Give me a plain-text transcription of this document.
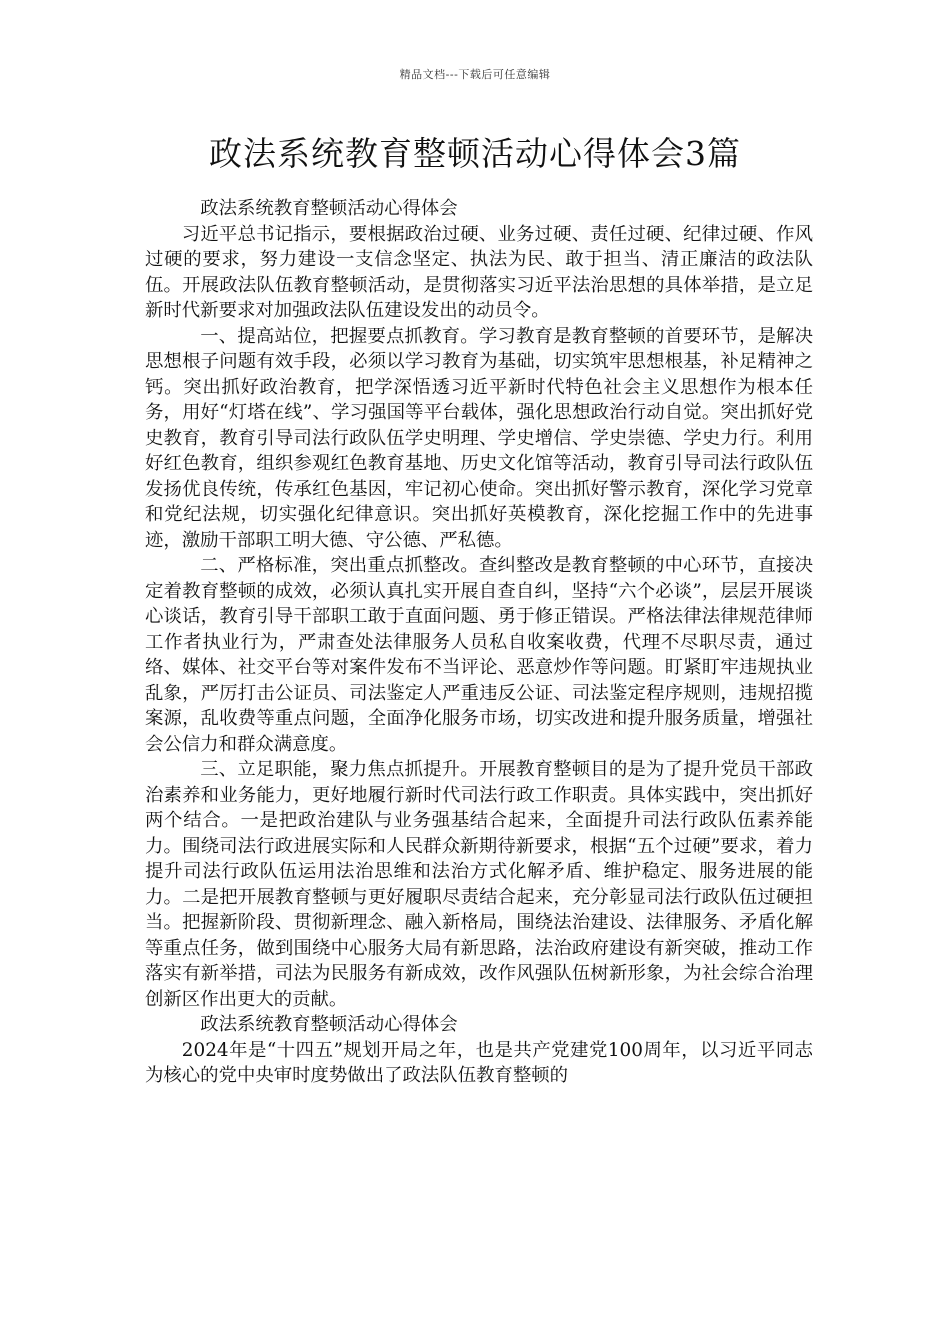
精品文档---下载后可任意编辑
政法系统教育整顿活动心得体会3篇

政法系统教育整顿活动心得体会

习近平总书记指示，要根据政治过硬、业务过硬、责任过硬、纪律过硬、作风过硬的要求，努力建设一支信念坚定、执法为民、敢于担当、清正廉洁的政法队伍。开展政法队伍教育整顿活动，是贯彻落实习近平法治思想的具体举措，是立足新时代新要求对加强政法队伍建设发出的动员令。

一、提高站位，把握要点抓教育。学习教育是教育整顿的首要环节，是解决思想根子问题有效手段，必须以学习教育为基础，切实筑牢思想根基，补足精神之钙。突出抓好政治教育，把学深悟透习近平新时代特色社会主义思想作为根本任务，用好“灯塔在线”、学习强国等平台载体，强化思想政治行动自觉。突出抓好党史教育，教育引导司法行政队伍学史明理、学史增信、学史崇德、学史力行。利用好红色教育，组织参观红色教育基地、历史文化馆等活动，教育引导司法行政队伍发扬优良传统，传承红色基因，牢记初心使命。突出抓好警示教育，深化学习党章和党纪法规，切实强化纪律意识。突出抓好英模教育，深化挖掘工作中的先进事迹，激励干部职工明大德、守公德、严私德。

二、严格标准，突出重点抓整改。查纠整改是教育整顿的中心环节，直接决定着教育整顿的成效，必须认真扎实开展自查自纠，坚持“六个必谈”，层层开展谈心谈话，教育引导干部职工敢于直面问题、勇于修正错误。严格法律法律规范律师工作者执业行为，严肃查处法律服务人员私自收案收费，代理不尽职尽责，通过络、媒体、社交平台等对案件发布不当评论、恶意炒作等问题。盯紧盯牢违规执业乱象，严厉打击公证员、司法鉴定人严重违反公证、司法鉴定程序规则，违规招揽案源，乱收费等重点问题，全面净化服务市场，切实改进和提升服务质量，增强社会公信力和群众满意度。

三、立足职能，聚力焦点抓提升。开展教育整顿目的是为了提升党员干部政治素养和业务能力，更好地履行新时代司法行政工作职责。具体实践中，突出抓好两个结合。一是把政治建队与业务强基结合起来，全面提升司法行政队伍素养能力。围绕司法行政进展实际和人民群众新期待新要求，根据“五个过硬”要求，着力提升司法行政队伍运用法治思维和法治方式化解矛盾、维护稳定、服务进展的能力。二是把开展教育整顿与更好履职尽责结合起来，充分彰显司法行政队伍过硬担当。把握新阶段、贯彻新理念、融入新格局，围绕法治建设、法律服务、矛盾化解等重点任务，做到围绕中心服务大局有新思路，法治政府建设有新突破，推动工作落实有新举措，司法为民服务有新成效，改作风强队伍树新形象，为社会综合治理创新区作出更大的贡献。

政法系统教育整顿活动心得体会

2024年是“十四五”规划开局之年，也是共产党建党100周年，以习近平同志为核心的党中央审时度势做出了政法队伍教育整顿的
